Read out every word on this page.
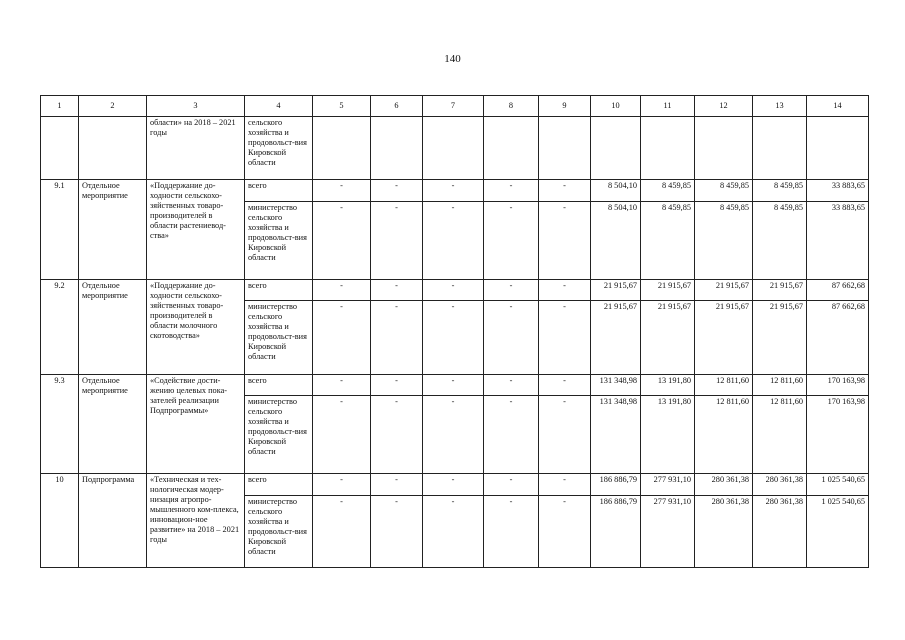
140
1	2	3	4	5	6	7	8	9	10	11	12	13	14
		области» на 2018 – 2021 годы	сельского хозяйства и продовольст-вия Кировской области										
9.1	Отдельное мероприятие	«Поддержание до-ходности сельскохо-зяйственных товаро-производителей в области растениевод-ства»	всего	-	-	-	-	-	8 504,10	8 459,85	8 459,85	8 459,85	33 883,65
			министерство сельского хозяйства и продовольст-вия Кировской области	-	-	-	-	-	8 504,10	8 459,85	8 459,85	8 459,85	33 883,65
9.2	Отдельное мероприятие	«Поддержание до-ходности сельскохо-зяйственных товаро-производителей в области молочного скотоводства»	всего	-	-	-	-	-	21 915,67	21 915,67	21 915,67	21 915,67	87 662,68
			министерство сельского хозяйства и продовольст-вия Кировской области	-	-	-	-	-	21 915,67	21 915,67	21 915,67	21 915,67	87 662,68
9.3	Отдельное мероприятие	«Содействие дости-жению целевых пока-зателей реализации Подпрограммы»	всего	-	-	-	-	-	131 348,98	13 191,80	12 811,60	12 811,60	170 163,98
			министерство сельского хозяйства и продовольст-вия Кировской области	-	-	-	-	-	131 348,98	13 191,80	12 811,60	12 811,60	170 163,98
10	Подпрограмма	«Техническая и тех-нологическая модер-низация агропро-мышленного ком-плекса, инновацион-ное развитие» на 2018 – 2021 годы	всего	-	-	-	-	-	186 886,79	277 931,10	280 361,38	280 361,38	1 025 540,65
			министерство сельского хозяйства и продовольст-вия Кировской области	-	-	-	-	-	186 886,79	277 931,10	280 361,38	280 361,38	1 025 540,65
